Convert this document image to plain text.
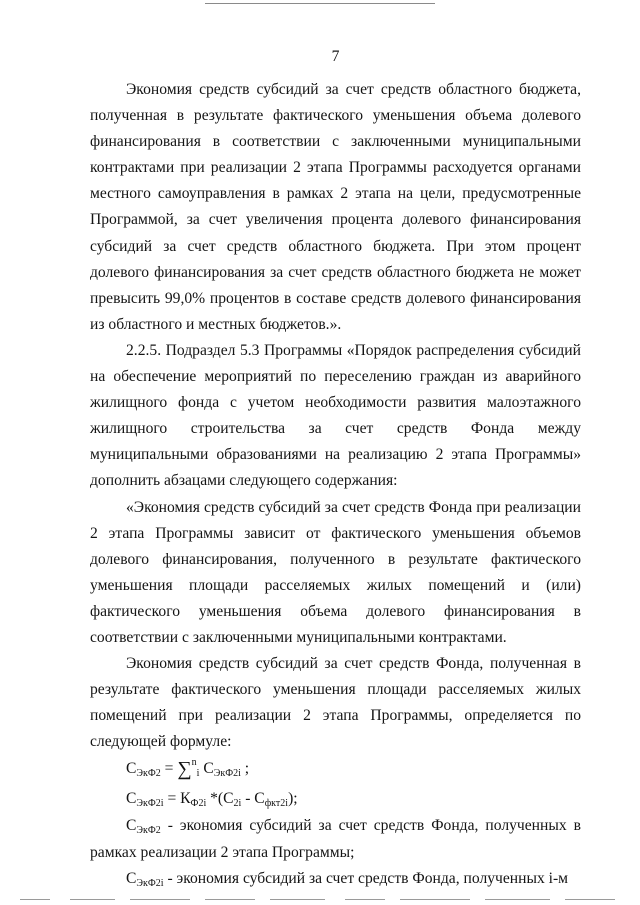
7

Экономия средств субсидий за счет средств областного бюджета, полученная в результате фактического уменьшения объема долевого финансирования в соответствии с заключенными муниципальными контрактами при реализации 2 этапа Программы расходуется органами местного самоуправления в рамках 2 этапа на цели, предусмотренные Программой, за счет увеличения процента долевого финансирования субсидий за счет средств областного бюджета. При этом процент долевого финансирования за счет средств областного бюджета не может превысить 99,0% процентов в составе средств долевого финансирования из областного и местных бюджетов.».

2.2.5. Подраздел 5.3 Программы «Порядок распределения субсидий на обеспечение мероприятий по переселению граждан из аварийного жилищного фонда с учетом необходимости развития малоэтажного жилищного строительства за счет средств Фонда между муниципальными образованиями на реализацию 2 этапа Программы» дополнить абзацами следующего содержания:

«Экономия средств субсидий за счет средств Фонда при реализации 2 этапа Программы зависит от фактического уменьшения объемов долевого финансирования, полученного в результате фактического уменьшения площади расселяемых жилых помещений и (или) фактического уменьшения объема долевого финансирования в соответствии с заключенными муниципальными контрактами.

Экономия средств субсидий за счет средств Фонда, полученная в результате фактического уменьшения площади расселяемых жилых помещений при реализации 2 этапа Программы, определяется по следующей формуле:

$С_{ЭкФ2} = \sum^n_i$ $С_{ЭкФ2i}$ ;

$С_{ЭкФ2i} = К_{Ф2i}$ $*(С_{2i} - С_{фкт2i})$;

$С_{ЭкФ2}$ - экономия субсидий за счет средств Фонда, полученных в рамках реализации 2 этапа Программы;

$С_{ЭкФ2i}$ - экономия субсидий за счет средств Фонда, полученных i-м
